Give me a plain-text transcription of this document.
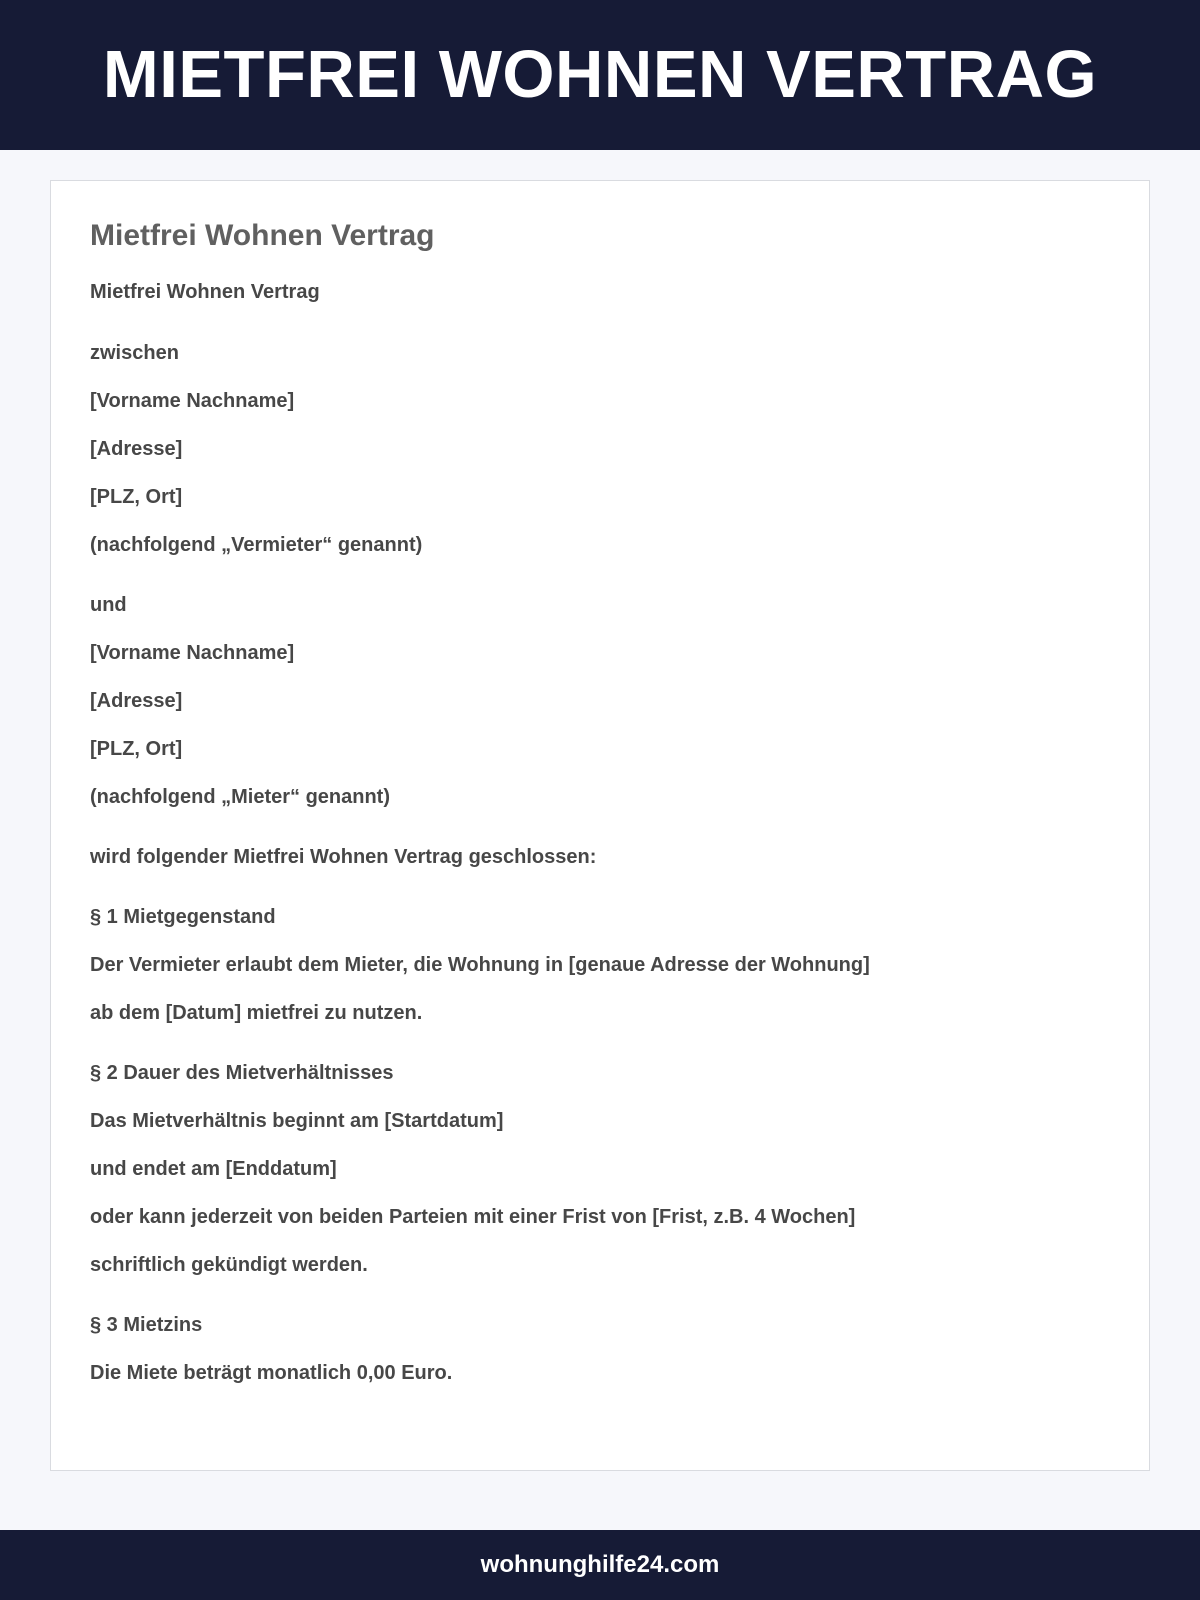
MIETFREI WOHNEN VERTRAG
Mietfrei Wohnen Vertrag
Mietfrei Wohnen Vertrag
zwischen
[Vorname Nachname]
[Adresse]
[PLZ, Ort]
(nachfolgend „Vermieter“ genannt)
und
[Vorname Nachname]
[Adresse]
[PLZ, Ort]
(nachfolgend „Mieter“ genannt)
wird folgender Mietfrei Wohnen Vertrag geschlossen:
§ 1 Mietgegenstand
Der Vermieter erlaubt dem Mieter, die Wohnung in [genaue Adresse der Wohnung]
ab dem [Datum] mietfrei zu nutzen.
§ 2 Dauer des Mietverhältnisses
Das Mietverhältnis beginnt am [Startdatum]
und endet am [Enddatum]
oder kann jederzeit von beiden Parteien mit einer Frist von [Frist, z.B. 4 Wochen]
schriftlich gekündigt werden.
§ 3 Mietzins
Die Miete beträgt monatlich 0,00 Euro.
wohnunghilfe24.com
